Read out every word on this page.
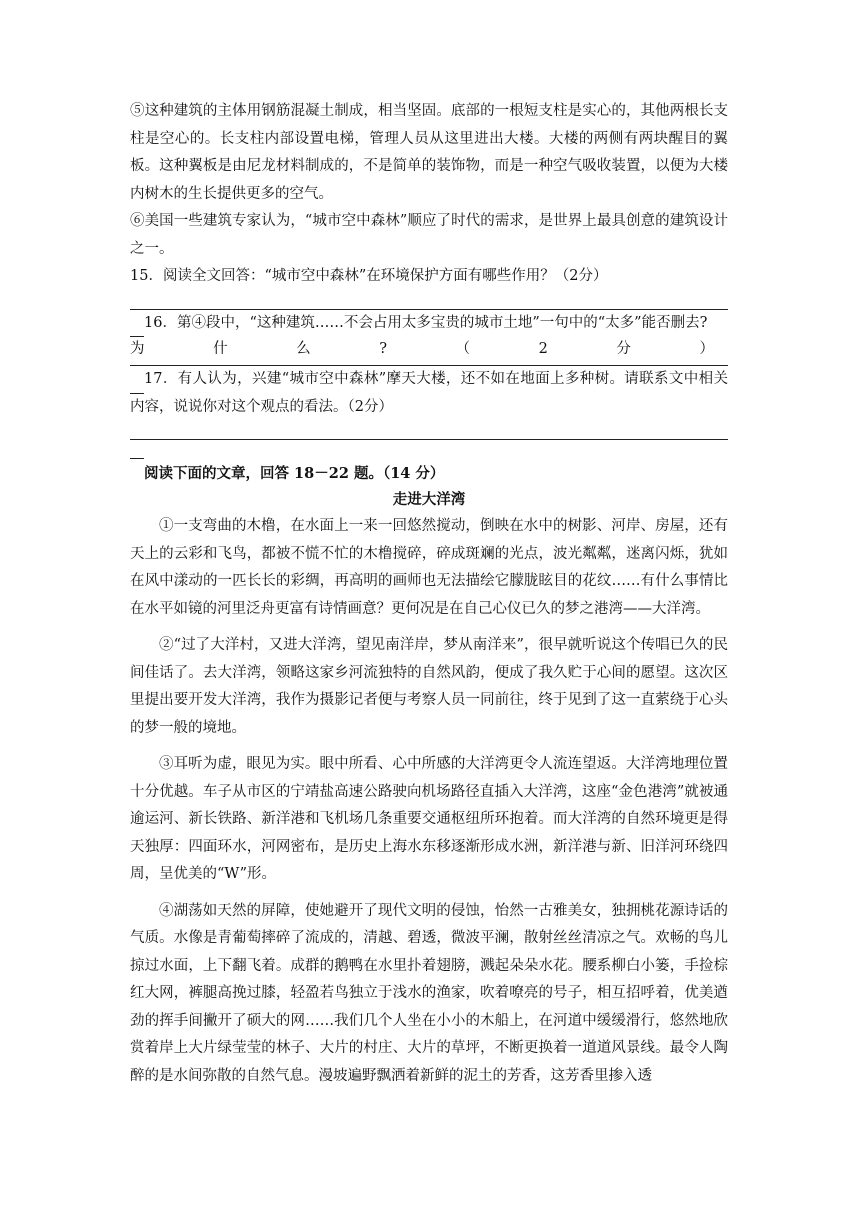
⑤这种建筑的主体用钢筋混凝土制成，相当坚固。底部的一根短支柱是实心的，其他两根长支柱是空心的。长支柱内部设置电梯，管理人员从这里进出大楼。大楼的两侧有两块醒目的翼板。这种翼板是由尼龙材料制成的，不是简单的装饰物，而是一种空气吸收装置，以便为大楼内树木的生长提供更多的空气。

⑥美国一些建筑专家认为，“城市空中森林”顺应了时代的需求，是世界上最具创意的建筑设计之一。

15．阅读全文回答：“城市空中森林”在环境保护方面有哪些作用？（2分）

16．第④段中，“这种建筑……不会占用太多宝贵的城市土地”一句中的“太多”能否删去?

为	什	么	?	（	2	分	）

17．有人认为，兴建“城市空中森林”摩天大楼，还不如在地面上多种树。请联系文中相关内容，说说你对这个观点的看法。（2分）

阅读下面的文章，回答 18－22 题。（14 分）
走进大洋湾

①一支弯曲的木橹，在水面上一来一回悠然搅动，倒映在水中的树影、河岸、房屋，还有天上的云彩和飞鸟，都被不慌不忙的木橹搅碎，碎成斑斓的光点，波光粼粼，迷离闪烁，犹如在风中漾动的一匹长长的彩绸，再高明的画师也无法描绘它朦胧眩目的花纹……有什么事情比在水平如镜的河里泛舟更富有诗情画意？更何况是在自己心仪已久的梦之港湾——大洋湾。

②“过了大洋村，又进大洋湾，望见南洋岸，梦从南洋来”，很早就听说这个传唱已久的民间佳话了。去大洋湾，领略这家乡河流独特的自然风韵，便成了我久贮于心间的愿望。这次区里提出要开发大洋湾，我作为摄影记者便与考察人员一同前往，终于见到了这一直萦绕于心头的梦一般的境地。

③耳听为虚，眼见为实。眼中所看、心中所感的大洋湾更令人流连望返。大洋湾地理位置十分优越。车子从市区的宁靖盐高速公路驶向机场路径直插入大洋湾，这座“金色港湾”就被通逾运河、新长铁路、新洋港和飞机场几条重要交通枢纽所环抱着。而大洋湾的自然环境更是得天独厚：四面环水，河网密布，是历史上海水东移逐渐形成水洲，新洋港与新、旧洋河环绕四周，呈优美的“W”形。

④湖荡如天然的屏障，使她避开了现代文明的侵蚀，怡然一古雅美女，独拥桃花源诗话的气质。水像是青葡萄摔碎了流成的，清越、碧透，微波平澜，散射丝丝清凉之气。欢畅的鸟儿掠过水面，上下翻飞着。成群的鹅鸭在水里扑着翅膀，溅起朵朵水花。腰系柳白小篓，手捡棕红大网，裤腿高挽过膝，轻盈若鸟独立于浅水的渔家，吹着嘹亮的号子，相互招呼着，优美遒劲的挥手间撇开了硕大的网……我们几个人坐在小小的木船上，在河道中缓缓滑行，悠然地欣赏着岸上大片绿莹莹的林子、大片的村庄、大片的草坪，不断更换着一道道风景线。最令人陶醉的是水间弥散的自然气息。漫坡遍野飘洒着新鲜的泥土的芳香，这芳香里掺入透
